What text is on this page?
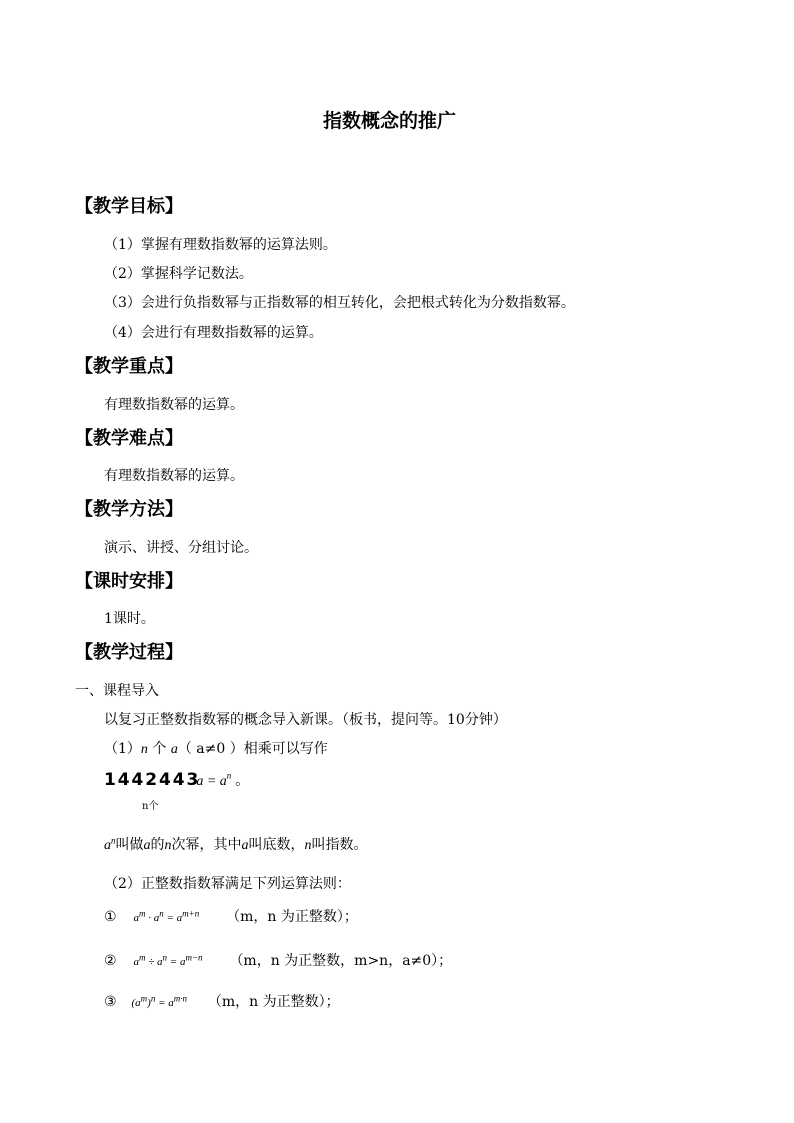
指数概念的推广
【教学目标】
（1）掌握有理数指数幂的运算法则。
（2）掌握科学记数法。
（3）会进行负指数幂与正指数幂的相互转化，会把根式转化为分数指数幂。
（4）会进行有理数指数幂的运算。
【教学重点】
有理数指数幂的运算。
【教学难点】
有理数指数幂的运算。
【教学方法】
演示、讲授、分组讨论。
【课时安排】
1课时。
【教学过程】
一、课程导入
以复习正整数指数幂的概念导入新课。（板书，提问等。10分钟）
（1）n 个 a（ a≠0 ）相乘可以写作
1 4 4 2 4 4 $3a = a^n$ 。
n个
$a^n$叫做a的n次幂，其中a叫底数，n叫指数。
（2）正整数指数幂满足下列运算法则：
① $a^m \cdot a^n = a^{m+n}$ （m，n 为正整数）；
② $a^m \div a^n = a^{m-n}$ （m，n 为正整数，m>n，a≠0）；
③ $(a^m)^n = a^{m\cdot n}$ （m，n 为正整数）；
